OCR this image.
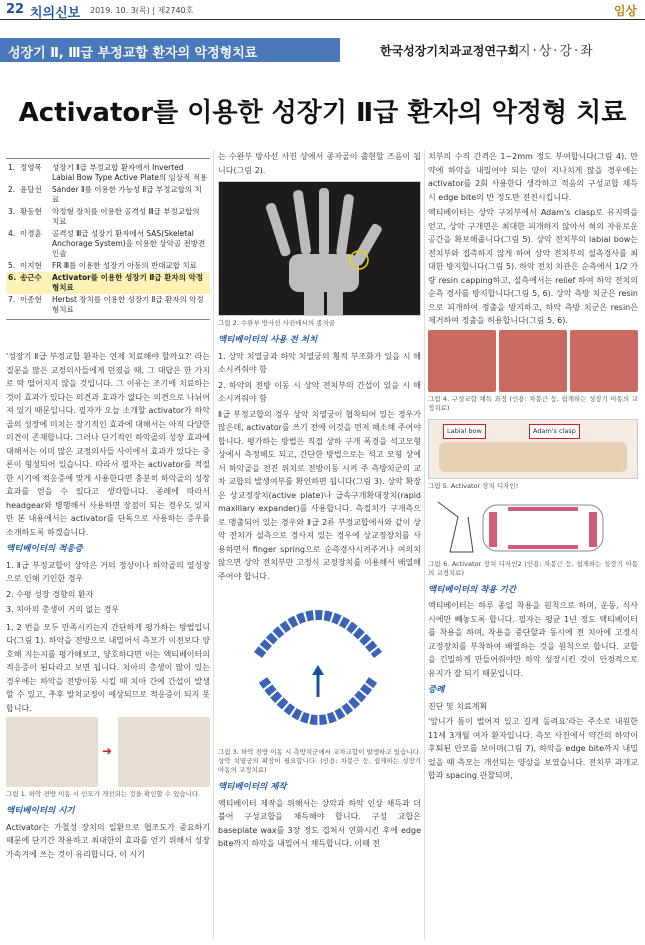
22 치의신보 2019. 10. 3(목) | 제2740호	임상
성장기 Ⅱ, Ⅲ급 부정교합 환자의 악정형치료	한국성장기치과교정연구회
지·상·강·좌
Activator를 이용한 성장기 Ⅱ급 환자의 악정형 치료
1. 정영목	성장기 Ⅱ급 부정교합 환자에서 Inverted Labial Bow Type Active Plate의 임상적 적용
2. 윤달선	Sander Ⅱ를 이용한 가능성 Ⅱ급 부정교합의 치료
3. 황동현	악정형 장치를 이용한 골격성 Ⅲ급 부정교합의 치료
4. 이경훈	골격성 Ⅲ급 성장기 환자에서 SAS(Skeletal Anchorage System)을 이용한 상악골 전방견인술
5. 이지현	FR Ⅲ를 이용한 성장기 아동의 반대교합 치료
6. 송근수	Activator를 이용한 성장기 Ⅱ급 환자의 악정형치료
7. 이종현	Herbst 장치를 이용한 성장기 Ⅱ급 환자의 악정형치료

'성장기 Ⅱ급 부정교합 환자는 언제 치료해야 할까요?' 라는 질문을 많은 교정의사들에게 던졌을 때, 그 대답은 한 가지로 딱 떨어지지 않을 것입니다. 그 이유는 조기에 치료하는 것이 효과가 있다는 의견과 효과가 없다는 의견으로 나뉘어져 있기 때문입니다. 필자가 오늘 소개할 activator가 하악골의 성장에 미치는 장기적인 효과에 대해서는 아직 다양한 의견이 존재합니다. 그러나 단기적인 하악골의 성장 효과에 대해서는 이미 많은 교정의사들 사이에서 효과가 있다는 중론이 형성되어 있습니다. 따라서 필자는 activator를 적절한 시기에 적응증에 맞게 사용한다면 충분히 하악골의 성장 효과를 얻을 수 있다고 생각합니다. 종례에 따라서 headgear와 병행해서 사용하면 장점이 되는 경우도 있지만 본 내용에서는 activator를 단독으로 사용하는 증우를 소개하도록 하겠습니다.

액티베이터의 적응증

1. Ⅱ급 부정교합이 상악은 거의 정상이나 하악골의 열성장으로 인해 기인한 경우

2. 수평 성장 경향의 환자

3. 치아의 총생이 거의 없는 경우

1, 2 번을 모두 만족시키는지 간단하게 평가하는 방법입니다(그림 1). 하악을 전방으로 내밀어서 측모가 이전보다 양호해 지는지를 평가해보고, 양호하다면 이는 액티베이터의 적응증이 된다라고 보면 됩니다. 치아의 총생이 많이 있는 경우에는 하악을 전방이동 시킬 때 치아 간에 간섭이 발생할 수 있고, 추후 발치교정이 예상되므로 적응증이 되지 못합니다.

➜
그림 1. 하악 전방 이동 시 인모가 개선되는 것을 확인할 수 있습니다.
액티베이터의 시기

Activator는 가철성 장치의 일환으로 협조도가 중요하기 때문에 단기간 착용하고 최대한의 효과를 얻기 위해서 성장 가속기에 쓰는 것이 유리합니다. 이 시기

는 수완부 방사선 사진 상에서 종자골이 출현할 즈음이 됩니다(그림 2).

그림 2. 수완부 방사선 사진에서의 종자골
액티베이터의 사용 전 처치

1. 상악 치열궁과 하악 치열궁의 횡적 부조화가 있을 시 해소시켜줘야 함

2. 하악의 전방 이동 시 상악 전치부의 간섭이 있을 시 해소시켜줘야 함

Ⅱ급 부정교합의 경우 상악 치열궁이 협착되어 있는 경우가 많은데, activator를 쓰기 전에 이것을 먼저 해소해 주어야 합니다. 평가하는 방법은 직접 상하 구개 폭경을 석고모형상에서 측정해도 되고, 간단한 방법으로는 석고 모형 상에서 하악골을 전진 위치로 전방이동 시켜 주 측방치군의 교차 교합의 발생여부를 확인하면 됩니다(그림 3). 상악 확장은 상교정장치(active plate)나 급속구개확대장치(rapid maxillary expander)를 사용합니다. 측절치가 구개측으로 맹출되어 있는 경우와 Ⅱ급 2류 부정교합에서와 같이 상악 전치가 설측으로 경사져 있는 경우에 상교정장치를 사용하면서 finger spring으로 순측경사시켜주거나 여의치 않으면 상악 전치부만 고정식 교정장치를 이용해서 배열해 주어야 합니다.

그림 3. 하악 전방 이동 시 측방치군에서 교차교합이 발생하고 있습니다. 상악 치열궁의 확장이 필요합니다. (인용: 차봉근 등, 쉽게하는 성장기 아동의 교정치료)
액티베이터의 제작

액티베이터 제작을 위해서는 상악과 하악 인상 채득과 더불어 구성교합을 채득해야 합니다. 구성 교합은 baseplate wax를 3장 정도 겹쳐서 연화시킨 후에 edge bite까지 하악을 내밀어서 채득합니다. 이때 전

치부의 수직 간격은 1~2mm 정도 부여합니다(그림 4). 만약에 하악을 내밀어야 되는 양이 지나치게 많을 경우에는 activator를 2회 사용한다 생각하고 적음의 구성교합 채득 시 edge bite의 반 정도만 전진시킵니다.

액티베이터는 상악 구치부에서 Adam's clasp로 유지력을 얻고, 상악 구개면은 최대한 피개하지 않아서 혀의 자유로운 공간을 확보해줍니다(그림 5). 상악 전치부의 labial bow는 전치부와 접촉하지 않게 하여 상악 전치부의 설측경사를 최대한 방지합니다(그림 5). 하악 전치 치관은 순측에서 1/2 가량 resin capping하고, 설측에서는 relief 하여 하악 전치의 순측 경사를 방지합니다(그림 5, 6). 상악 측방 치군은 resin으로 피개하여 정출을 방지하고, 하악 측방 치군은 resin은 제거하여 정출을 허용합니다(그림 5, 6).

그림 4. 구성교합 채득 과정 (인용: 차봉근 등, 쉽게하는 성장기 아동의 교정치료)
Labial bow	Adam's clasp
그림 5. Activator 장치 디자인!
그림 6. Activator 장치 디자인2 (인용: 차봉근 등, 쉽게하는 성장기 아동의 교정치료)
액티베이터의 착용 기간

액티베이터는 하루 종일 착용을 원칙으로 하며, 운동, 식사 시에만 빼놓도록 합니다. 필자는 평균 1년 정도 액티베이터를 착용을 하며, 착용을 중단할과 동시에 전 치아에 고정식 교정장치를 부착하여 배열하는 것을 원칙으로 합니다. 교합을 긴밀하게 만들어줘야만 하악 성장시킨 것이 안정적으로 유지가 잘 되기 때문입니다.

증례

진단 및 치료계획

'앞니가 틈이 벌어져 있고 길게 돌려요'라는 주소로 내원한 11세 3개월 여자 환자입니다. 측모 사진에서 약간의 하악이 후퇴된 안모를 보이며(그림 7), 하악을 edge bite까지 내밀었을 때 측모는 개선되는 양상을 보였습니다. 전치부 과개교합과 spacing 관찰되며,
